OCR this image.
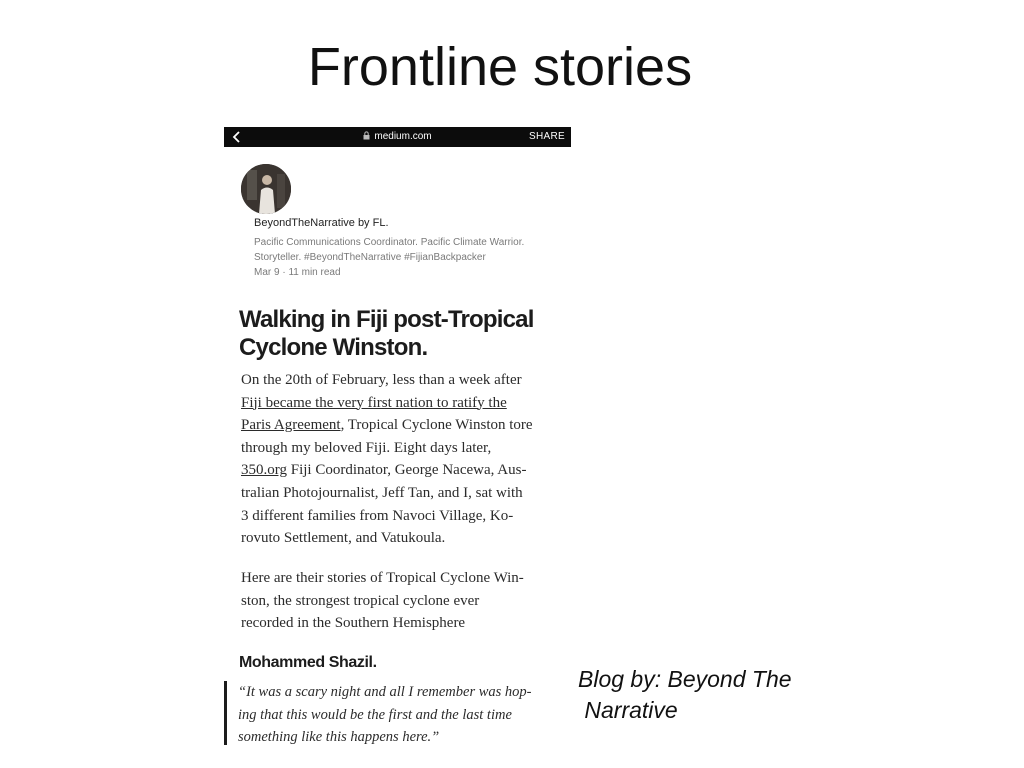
Frontline stories
medium.com	SHARE
BeyondTheNarrative by FL.
Pacific Communications Coordinator. Pacific Climate Warrior.
Storyteller. #BeyondTheNarrative #FijianBackpacker
Mar 9 · 11 min read
Walking in Fiji post-Tropical Cyclone Winston.
On the 20th of February, less than a week after
Fiji became the very first nation to ratify the
Paris Agreement, Tropical Cyclone Winston tore
through my beloved Fiji. Eight days later,
350.org Fiji Coordinator, George Nacewa, Aus-
tralian Photojournalist, Jeff Tan, and I, sat with
3 different families from Navoci Village, Ko-
rovuto Settlement, and Vatukoula.
Here are their stories of Tropical Cyclone Win-
ston, the strongest tropical cyclone ever
recorded in the Southern Hemisphere
Mohammed Shazil.
“It was a scary night and all I remember was hop-
ing that this would be the first and the last time
something like this happens here.”
Blog by: Beyond The
Narrative
